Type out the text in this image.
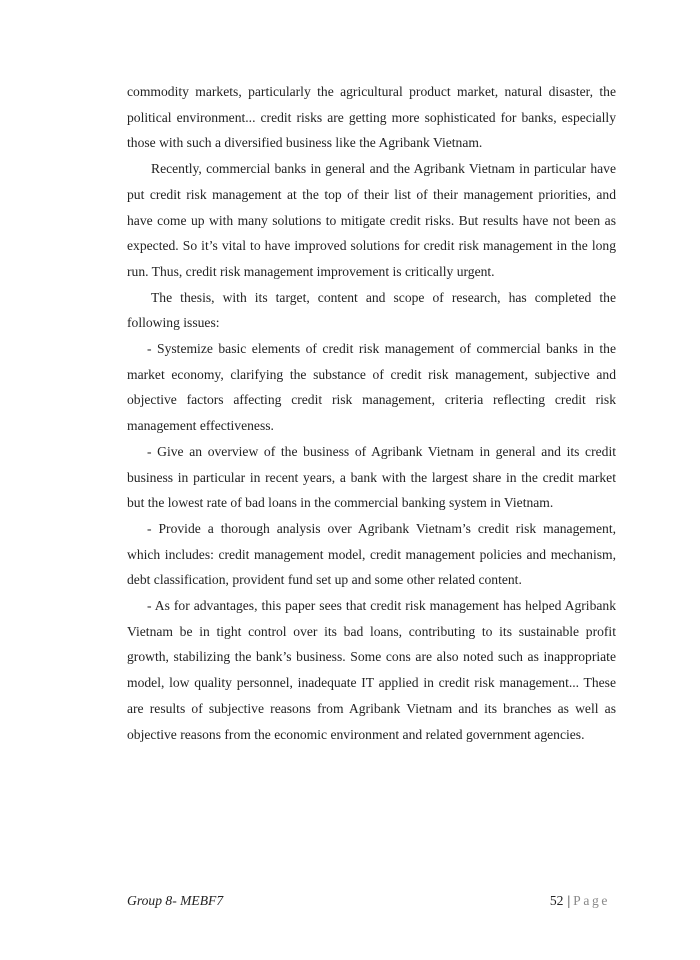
commodity markets, particularly the agricultural product market, natural disaster, the political environment... credit risks are getting more sophisticated for banks, especially those with such a diversified business like the Agribank Vietnam.

Recently, commercial banks in general and the Agribank Vietnam in particular have put credit risk management at the top of their list of their management priorities, and have come up with many solutions to mitigate credit risks. But results have not been as expected. So it’s vital to have improved solutions for credit risk management in the long run. Thus, credit risk management improvement is critically urgent.

The thesis, with its target, content and scope of research, has completed the following issues:

- Systemize basic elements of credit risk management of commercial banks in the market economy, clarifying the substance of credit risk management, subjective and objective factors affecting credit risk management, criteria reflecting credit risk management effectiveness.

- Give an overview of the business of Agribank Vietnam in general and its credit business in particular in recent years, a bank with the largest share in the credit market but the lowest rate of bad loans in the commercial banking system in Vietnam.

- Provide a thorough analysis over Agribank Vietnam’s credit risk management, which includes: credit management model, credit management policies and mechanism, debt classification, provident fund set up and some other related content.

- As for advantages, this paper sees that credit risk management has helped Agribank Vietnam be in tight control over its bad loans, contributing to its sustainable profit growth, stabilizing the bank’s business. Some cons are also noted such as inappropriate model, low quality personnel, inadequate IT applied in credit risk management... These are results of subjective reasons from Agribank Vietnam and its branches as well as objective reasons from the economic environment and related government agencies.

Group 8- MEBF7	52 | Page
